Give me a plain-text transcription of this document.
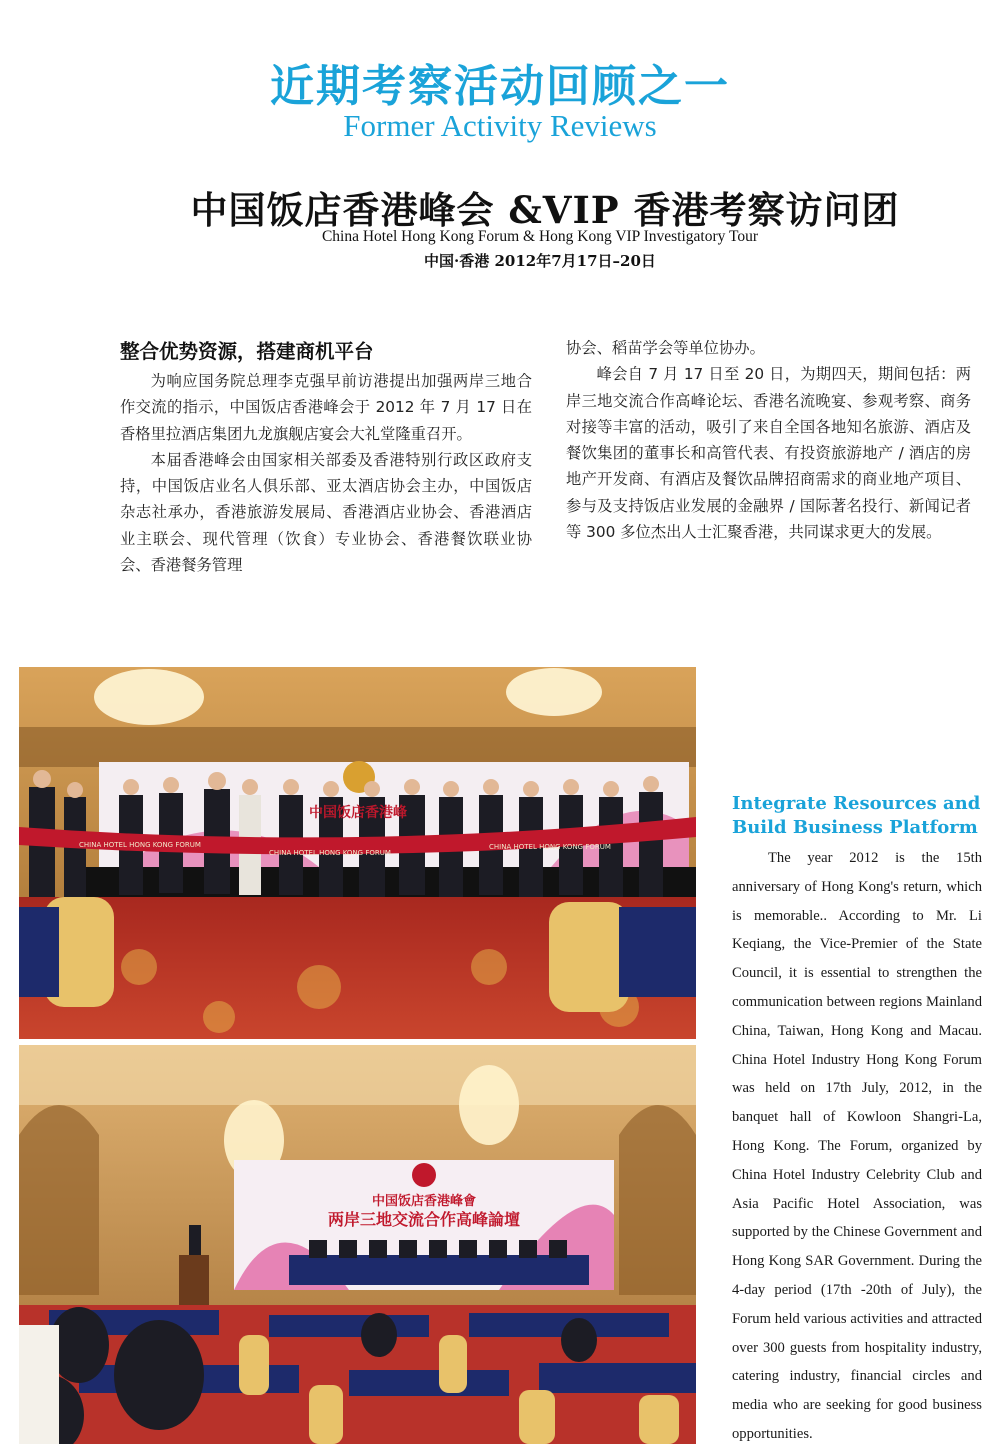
近期考察活动回顾之一
Former Activity Reviews
中国饭店香港峰会 &VIP 香港考察访问团
China Hotel Hong Kong Forum & Hong Kong VIP Investigatory Tour
中国·香港 2012年7月17日–20日
整合优势资源，搭建商机平台

为响应国务院总理李克强早前访港提出加强两岸三地合作交流的指示，中国饭店香港峰会于 2012 年 7 月 17 日在香格里拉酒店集团九龙旗舰店宴会大礼堂隆重召开。

本届香港峰会由国家相关部委及香港特别行政区政府支持，中国饭店业名人俱乐部、亚太酒店协会主办，中国饭店杂志社承办，香港旅游发展局、香港酒店业协会、香港酒店业主联会、现代管理（饮食）专业协会、香港餐饮联业协会、香港餐务管理

协会、稻苗学会等单位协办。

峰会自 7 月 17 日至 20 日，为期四天，期间包括：两岸三地交流合作高峰论坛、香港名流晚宴、参观考察、商务对接等丰富的活动，吸引了来自全国各地知名旅游、酒店及餐饮集团的董事长和高管代表、有投资旅游地产 / 酒店的房地产开发商、有酒店及餐饮品牌招商需求的商业地产项目、参与及支持饭店业发展的金融界 / 国际著名投行、新闻记者等 300 多位杰出人士汇聚香港，共同谋求更大的发展。

CHINA HOTEL HONG KONG FORUM
CHINA HOTEL HONG KONG FORUM
CHINA HOTEL HONG KONG FORUM
中国饭店香港峰
中国饭店香港峰會
两岸三地交流合作高峰論壇
Integrate Resources and Build Business Platform
The year 2012 is the 15th anniversary of Hong Kong's return, which is memorable.. According to Mr. Li Keqiang, the Vice-Premier of the State Council, it is essential to strengthen the communication between regions Mainland China, Taiwan, Hong Kong and Macau. China Hotel Industry Hong Kong Forum was held on 17th July, 2012, in the banquet hall of Kowloon Shangri-La, Hong Kong. The Forum, organized by China Hotel Industry Celebrity Club and Asia Pacific Hotel Association, was supported by the Chinese Government and Hong Kong SAR Government. During the 4-day period (17th -20th of July), the Forum held various activities and attracted over 300 guests from hospitality industry, catering industry, financial circles and media who are seeking for good business opportunities.
